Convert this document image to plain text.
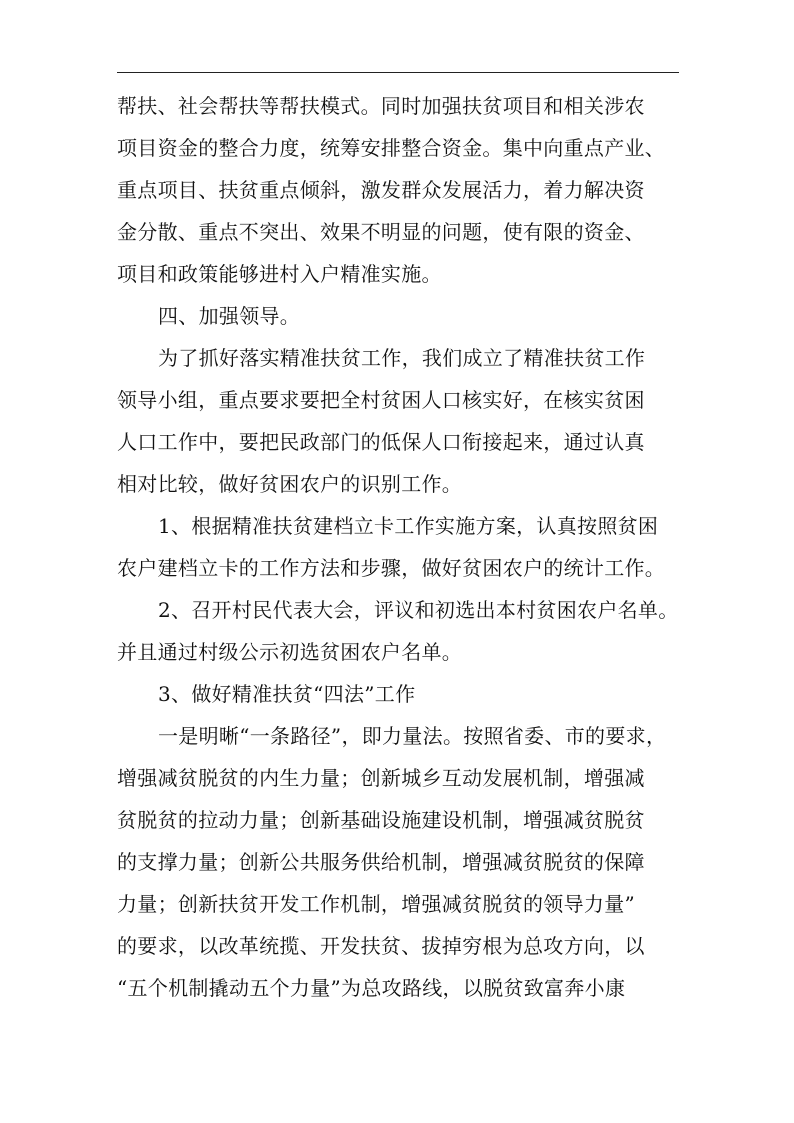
帮扶、社会帮扶等帮扶模式。同时加强扶贫项目和相关涉农
项目资金的整合力度，统筹安排整合资金。集中向重点产业、
重点项目、扶贫重点倾斜，激发群众发展活力，着力解决资
金分散、重点不突出、效果不明显的问题，使有限的资金、
项目和政策能够进村入户精准实施。
四、加强领导。
为了抓好落实精准扶贫工作，我们成立了精准扶贫工作
领导小组，重点要求要把全村贫困人口核实好，在核实贫困
人口工作中，要把民政部门的低保人口衔接起来，通过认真
相对比较，做好贫困农户的识别工作。
1、根据精准扶贫建档立卡工作实施方案，认真按照贫困
农户建档立卡的工作方法和步骤，做好贫困农户的统计工作。
2、召开村民代表大会，评议和初选出本村贫困农户名单。
并且通过村级公示初选贫困农户名单。
3、做好精准扶贫“四法”工作
一是明晰“一条路径”，即力量法。按照省委、市的要求，
增强减贫脱贫的内生力量；创新城乡互动发展机制，增强减
贫脱贫的拉动力量；创新基础设施建设机制，增强减贫脱贫
的支撑力量；创新公共服务供给机制，增强减贫脱贫的保障
力量；创新扶贫开发工作机制，增强减贫脱贫的领导力量”
的要求，以改革统揽、开发扶贫、拔掉穷根为总攻方向，以
“五个机制撬动五个力量”为总攻路线，以脱贫致富奔小康
